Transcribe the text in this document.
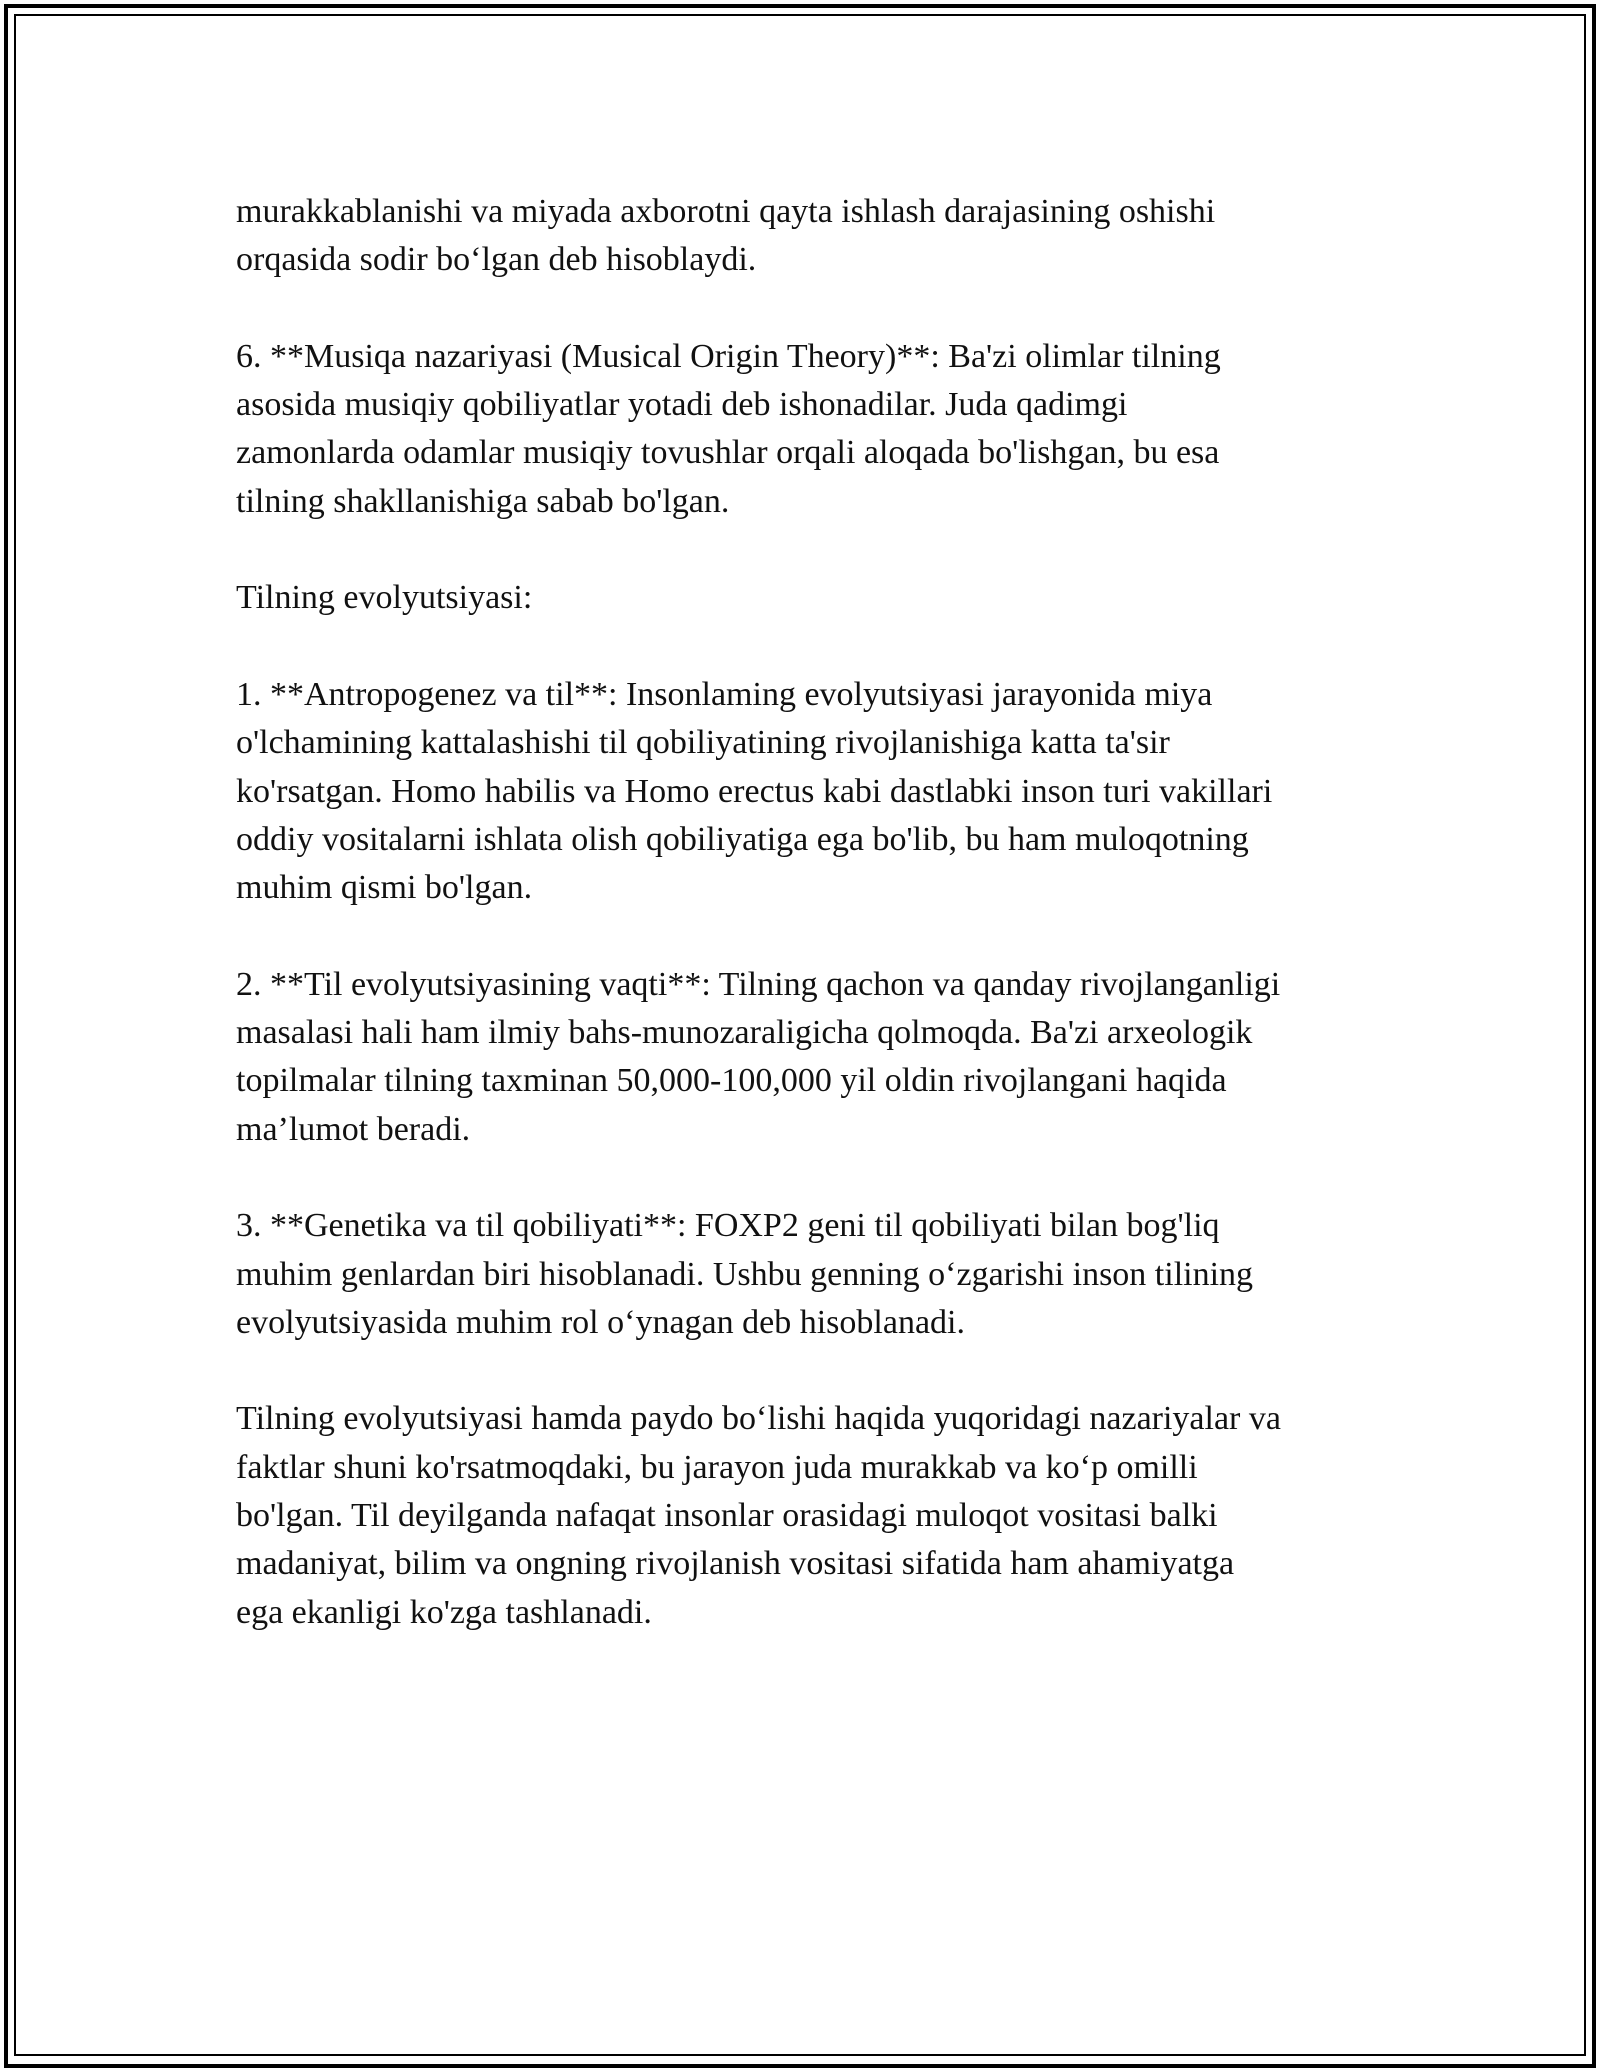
murakkablanishi va miyada axborotni qayta ishlash darajasining oshishi
orqasida sodir bo‘lgan deb hisoblaydi.

6. **Musiqa nazariyasi (Musical Origin Theory)**: Ba'zi olimlar tilning
asosida musiqiy qobiliyatlar yotadi deb ishonadilar. Juda qadimgi
zamonlarda odamlar musiqiy tovushlar orqali aloqada bo'lishgan, bu esa
tilning shakllanishiga sabab bo'lgan.

Tilning evolyutsiyasi:

1. **Antropogenez va til**: Insonlaming evolyutsiyasi jarayonida miya
o'lchamining kattalashishi til qobiliyatining rivojlanishiga katta ta'sir
ko'rsatgan. Homo habilis va Homo erectus kabi dastlabki inson turi vakillari
oddiy vositalarni ishlata olish qobiliyatiga ega bo'lib, bu ham muloqotning
muhim qismi bo'lgan.

2. **Til evolyutsiyasining vaqti**: Tilning qachon va qanday rivojlanganligi
masalasi hali ham ilmiy bahs-munozaraligicha qolmoqda. Ba'zi arxeologik
topilmalar tilning taxminan 50,000-100,000 yil oldin rivojlangani haqida
ma’lumot beradi.

3. **Genetika va til qobiliyati**: FOXP2 geni til qobiliyati bilan bog'liq
muhim genlardan biri hisoblanadi. Ushbu genning o‘zgarishi inson tilining
evolyutsiyasida muhim rol o‘ynagan deb hisoblanadi.

Tilning evolyutsiyasi hamda paydo bo‘lishi haqida yuqoridagi nazariyalar va
faktlar shuni ko'rsatmoqdaki, bu jarayon juda murakkab va ko‘p omilli
bo'lgan. Til deyilganda nafaqat insonlar orasidagi muloqot vositasi balki
madaniyat, bilim va ongning rivojlanish vositasi sifatida ham ahamiyatga
ega ekanligi ko'zga tashlanadi.
